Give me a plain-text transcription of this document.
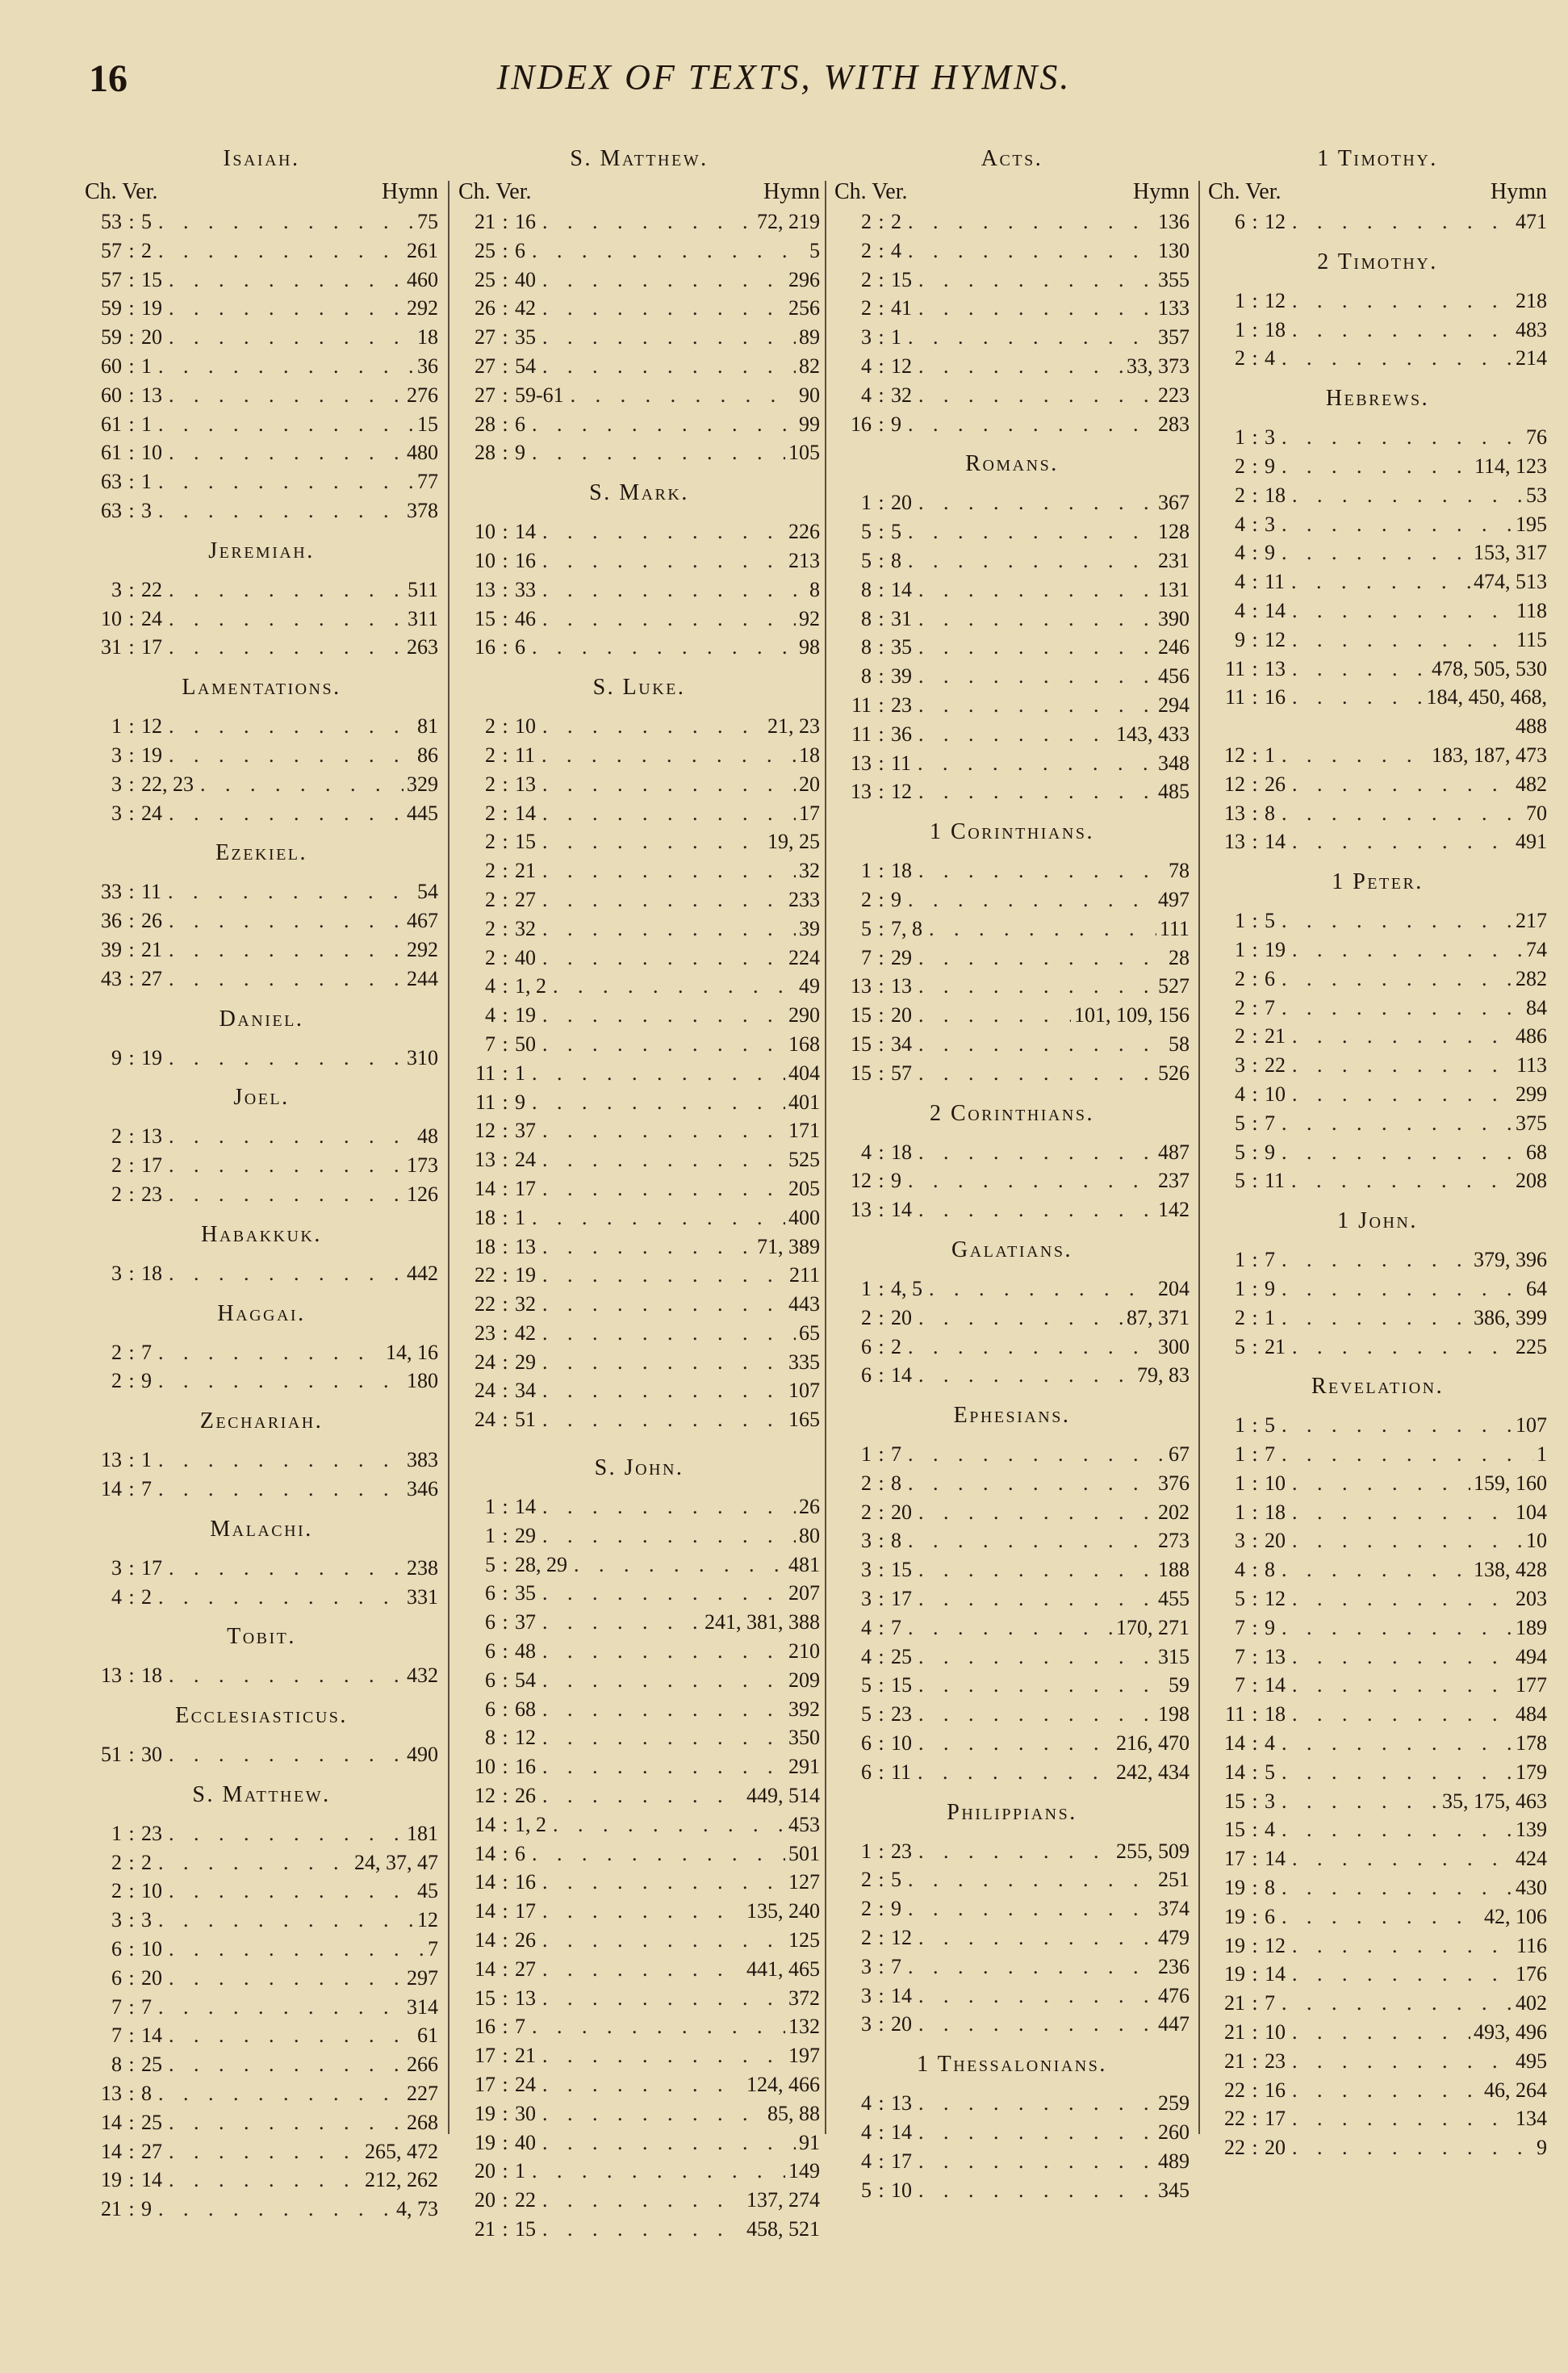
16	INDEX OF TEXTS, WITH HYMNS.
Isaiah.
Ch. Ver.	Hymn
53 : 5 . . .	75
57 : 2 . . .	261
57 : 15 . . .	460
59 : 19 . . .	292
59 : 20 . . .	18
60 : 1 . . .	36
60 : 13 . . .	276
61 : 1 . . .	15
61 : 10 . . .	480
63 : 1 . . .	77
63 : 3 . . .	378
Jeremiah.
3 : 22 . . .	511
10 : 24 . . .	311
31 : 17 . . .	263
Lamentations.
1 : 12 . . .	81
3 : 19 . . .	86
3 : 22, 23 . . .	329
3 : 24 . . .	445
Ezekiel.
33 : 11 . . .	54
36 : 26 . . .	467
39 : 21 . . .	292
43 : 27 . . .	244
Daniel.
9 : 19 . . .	310
Joel.
2 : 13 . . .	48
2 : 17 . . .	173
2 : 23 . . .	126
Habakkuk.
3 : 18 . . .	442
Haggai.
2 : 7 . . .	14, 16
2 : 9 . . .	180
Zechariah.
13 : 1 . . .	383
14 : 7 . . .	346
Malachi.
3 : 17 . . .	238
4 : 2 . . .	331
Tobit.
13 : 18 . . .	432
Ecclesiasticus.
51 : 30 . . .	490
S. Matthew.
1 : 23 . . .	181
2 : 2 . . .	24, 37, 47
2 : 10 . . .	45
3 : 3 . . .	12
6 : 10 . . .	7
6 : 20 . . .	297
7 : 7 . . .	314
7 : 14 . . .	61
8 : 25 . . .	266
13 : 8 . . .	227
14 : 25 . . .	268
14 : 27 . . .	265, 472
19 : 14 . . .	212, 262
21 : 9 . . .	4, 73
S. Matthew.
Ch. Ver.	Hymn
21 : 16 . . .	72, 219
25 : 6 . . .	5
25 : 40 . . .	296
26 : 42 . . .	256
27 : 35 . . .	89
27 : 54 . . .	82
27 : 59-61 . . .	90
28 : 6 . . .	99
28 : 9 . . .	105
S. Mark.
10 : 14 . . .	226
10 : 16 . . .	213
13 : 33 . . .	8
15 : 46 . . .	92
16 : 6 . . .	98
S. Luke.
2 : 10 . . .	21, 23
2 : 11 . . .	18
2 : 13 . . .	20
2 : 14 . . .	17
2 : 15 . . .	19, 25
2 : 21 . . .	32
2 : 27 . . .	233
2 : 32 . . .	39
2 : 40 . . .	224
4 : 1, 2 . . .	49
4 : 19 . . .	290
7 : 50 . . .	168
11 : 1 . . .	404
11 : 9 . . .	401
12 : 37 . . .	171
13 : 24 . . .	525
14 : 17 . . .	205
18 : 1 . . .	400
18 : 13 . . .	71, 389
22 : 19 . . .	211
22 : 32 . . .	443
23 : 42 . . .	65
24 : 29 . . .	335
24 : 34 . . .	107
24 : 51 . . .	165
S. John.
1 : 14 . . .	26
1 : 29 . . .	80
5 : 28, 29 . . .	481
6 : 35 . . .	207
6 : 37 . . .	241, 381, 388
6 : 48 . . .	210
6 : 54 . . .	209
6 : 68 . . .	392
8 : 12 . . .	350
10 : 16 . . .	291
12 : 26 . . .	449, 514
14 : 1, 2 . . .	453
14 : 6 . . .	501
14 : 16 . . .	127
14 : 17 . . .	135, 240
14 : 26 . . .	125
14 : 27 . . .	441, 465
15 : 13 . . .	372
16 : 7 . . .	132
17 : 21 . . .	197
17 : 24 . . .	124, 466
19 : 30 . . .	85, 88
19 : 40 . . .	91
20 : 1 . . .	149
20 : 22 . . .	137, 274
21 : 15 . . .	458, 521
Acts.
Ch. Ver.	Hymn
2 : 2 . . .	136
2 : 4 . . .	130
2 : 15 . . .	355
2 : 41 . . .	133
3 : 1 . . .	357
4 : 12 . . .	33, 373
4 : 32 . . .	223
16 : 9 . . .	283
Romans.
1 : 20 . . .	367
5 : 5 . . .	128
5 : 8 . . .	231
8 : 14 . . .	131
8 : 31 . . .	390
8 : 35 . . .	246
8 : 39 . . .	456
11 : 23 . . .	294
11 : 36 . . .	143, 433
13 : 11 . . .	348
13 : 12 . . .	485
1 Corinthians.
1 : 18 . . .	78
2 : 9 . . .	497
5 : 7, 8 . . .	111
7 : 29 . . .	28
13 : 13 . . .	527
15 : 20 . . .	101, 109, 156
15 : 34 . . .	58
15 : 57 . . .	526
2 Corinthians.
4 : 18 . . .	487
12 : 9 . . .	237
13 : 14 . . .	142
Galatians.
1 : 4, 5 . . .	204
2 : 20 . . .	87, 371
6 : 2 . . .	300
6 : 14 . . .	79, 83
Ephesians.
1 : 7 . . .	67
2 : 8 . . .	376
2 : 20 . . .	202
3 : 8 . . .	273
3 : 15 . . .	188
3 : 17 . . .	455
4 : 7 . . .	170, 271
4 : 25 . . .	315
5 : 15 . . .	59
5 : 23 . . .	198
6 : 10 . . .	216, 470
6 : 11 . . .	242, 434
Philippians.
1 : 23 . . .	255, 509
2 : 5 . . .	251
2 : 9 . . .	374
2 : 12 . . .	479
3 : 7 . . .	236
3 : 14 . . .	476
3 : 20 . . .	447
1 Thessalonians.
4 : 13 . . .	259
4 : 14 . . .	260
4 : 17 . . .	489
5 : 10 . . .	345
1 Timothy.
Ch. Ver.	Hymn
6 : 12 . . .	471
2 Timothy.
1 : 12 . . .	218
1 : 18 . . .	483
2 : 4 . . .	214
Hebrews.
1 : 3 . . .	76
2 : 9 . . .	114, 123
2 : 18 . . .	53
4 : 3 . . .	195
4 : 9 . . .	153, 317
4 : 11 . . .	474, 513
4 : 14 . . .	118
9 : 12 . . .	115
11 : 13 . . .	478, 505, 530
11 : 16 . . .	184, 450, 468,
488
12 : 1 . . .	183, 187, 473
12 : 26 . . .	482
13 : 8 . . .	70
13 : 14 . . .	491
1 Peter.
1 : 5 . . .	217
1 : 19 . . .	74
2 : 6 . . .	282
2 : 7 . . .	84
2 : 21 . . .	486
3 : 22 . . .	113
4 : 10 . . .	299
5 : 7 . . .	375
5 : 9 . . .	68
5 : 11 . . .	208
1 John.
1 : 7 . . .	379, 396
1 : 9 . . .	64
2 : 1 . . .	386, 399
5 : 21 . . .	225
Revelation.
1 : 5 . . .	107
1 : 7 . . .	1
1 : 10 . . .	159, 160
1 : 18 . . .	104
3 : 20 . . .	10
4 : 8 . . .	138, 428
5 : 12 . . .	203
7 : 9 . . .	189
7 : 13 . . .	494
7 : 14 . . .	177
11 : 18 . . .	484
14 : 4 . . .	178
14 : 5 . . .	179
15 : 3 . . .	35, 175, 463
15 : 4 . . .	139
17 : 14 . . .	424
19 : 8 . . .	430
19 : 6 . . .	42, 106
19 : 12 . . .	116
19 : 14 . . .	176
21 : 7 . . .	402
21 : 10 . . .	493, 496
21 : 23 . . .	495
22 : 16 . . .	46, 264
22 : 17 . . .	134
22 : 20 . . .	9
